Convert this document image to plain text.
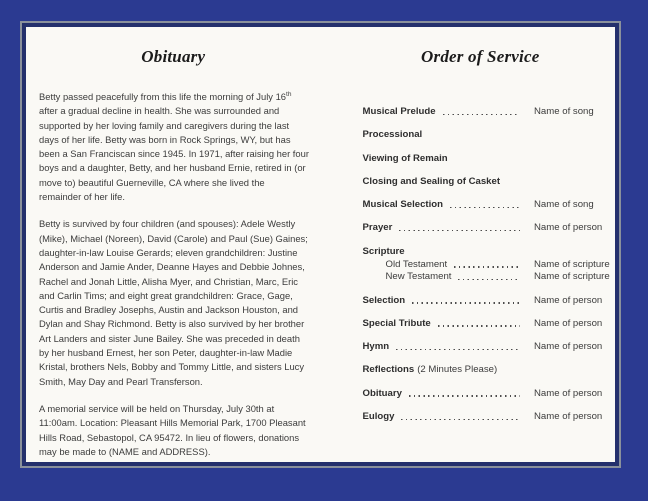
Obituary

Betty passed peacefully from this life the morning of July 16th after a gradual decline in health. She was surrounded and supported by her loving family and caregivers during the last days of her life. Betty was born in Rock Springs, WY, but has been a San Franciscan since 1945. In 1971, after raising her four boys and a daughter, Betty, and her husband Ernie, retired in (or move to) beautiful Guerneville, CA where she lived the remainder of her life.

Betty is survived by four children (and spouses): Adele Westly (Mike), Michael (Noreen), David (Carole) and Paul (Sue) Gaines; daughter-in-law Louise Gerards; eleven grandchildren: Justine Anderson and Jamie Ander, Deanne Hayes and Debbie Johnes, Rachel and Jonah Little, Alisha Myer, and Christian, Marc, Eric and Carlin Tims; and eight great grandchildren: Grace, Gage, Curtis and Bradley Josephs, Austin and Jackson Houston, and Dylan and Shay Richmond. Betty is also survived by her brother Art Landers and sister June Bailey. She was preceded in death by her husband Ernest, her son Peter, daughter-in-law Madie Kristal, brothers Nels, Bobby and Tommy Little, and sisters Lucy Smith, May Day and Pearl Transferson.

A memorial service will be held on Thursday, July 30th at 11:00am. Location: Pleasant Hills Memorial Park, 1700 Pleasant Hills Road, Sebastopol, CA 95472. In lieu of flowers, donations may be made to (NAME and ADDRESS).

Order of Service
Musical Prelude	Name of song
Processional
Viewing of Remain
Closing and Sealing of Casket
Musical Selection	Name of song
Prayer	Name of person
Scripture
Old Testament	Name of scripture
New Testament	Name of scripture
Selection	Name of person
Special Tribute	Name of person
Hymn	Name of person
Reflections (2 Minutes Please)
Obituary	Name of person
Eulogy	Name of person
